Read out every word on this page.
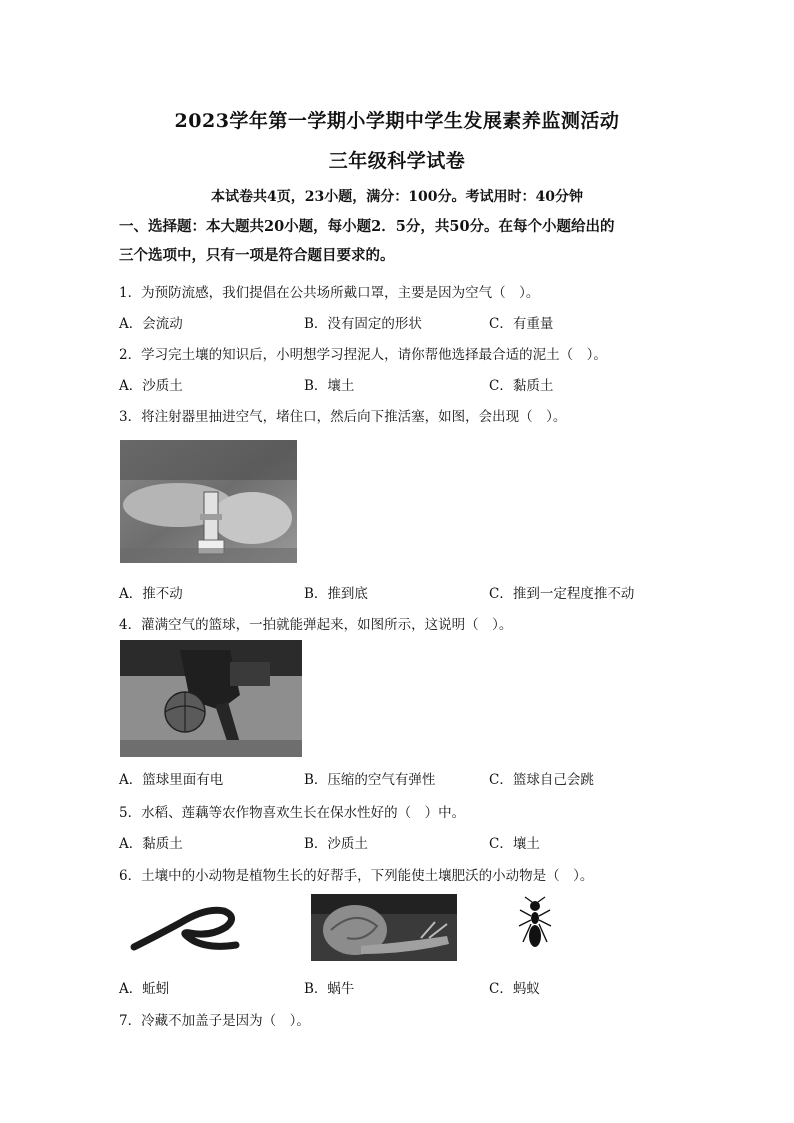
2023学年第一学期小学期中学生发展素养监测活动
三年级科学试卷
本试卷共4页，23小题，满分：100分。考试用时：40分钟
一、选择题：本大题共20小题，每小题2．5分，共50分。在每个小题给出的
三个选项中，只有一项是符合题目要求的。
1．为预防流感，我们提倡在公共场所戴口罩，主要是因为空气（　）。
A．会流动	B．没有固定的形状	C．有重量
2．学习完土壤的知识后，小明想学习捏泥人，请你帮他选择最合适的泥土（　）。
A．沙质土	B．壤土	C．黏质土
3．将注射器里抽进空气，堵住口，然后向下推活塞，如图，会出现（　）。
A．推不动	B．推到底	C．推到一定程度推不动
4．灌满空气的篮球，一拍就能弹起来，如图所示，这说明（　）。
A．篮球里面有电	B．压缩的空气有弹性	C．篮球自己会跳
5．水稻、莲藕等农作物喜欢生长在保水性好的（　）中。
A．黏质土	B．沙质土	C．壤土
6．土壤中的小动物是植物生长的好帮手，下列能使土壤肥沃的小动物是（　）。
A．蚯蚓	B．蜗牛	C．蚂蚁
7．冷藏不加盖子是因为（　）。
